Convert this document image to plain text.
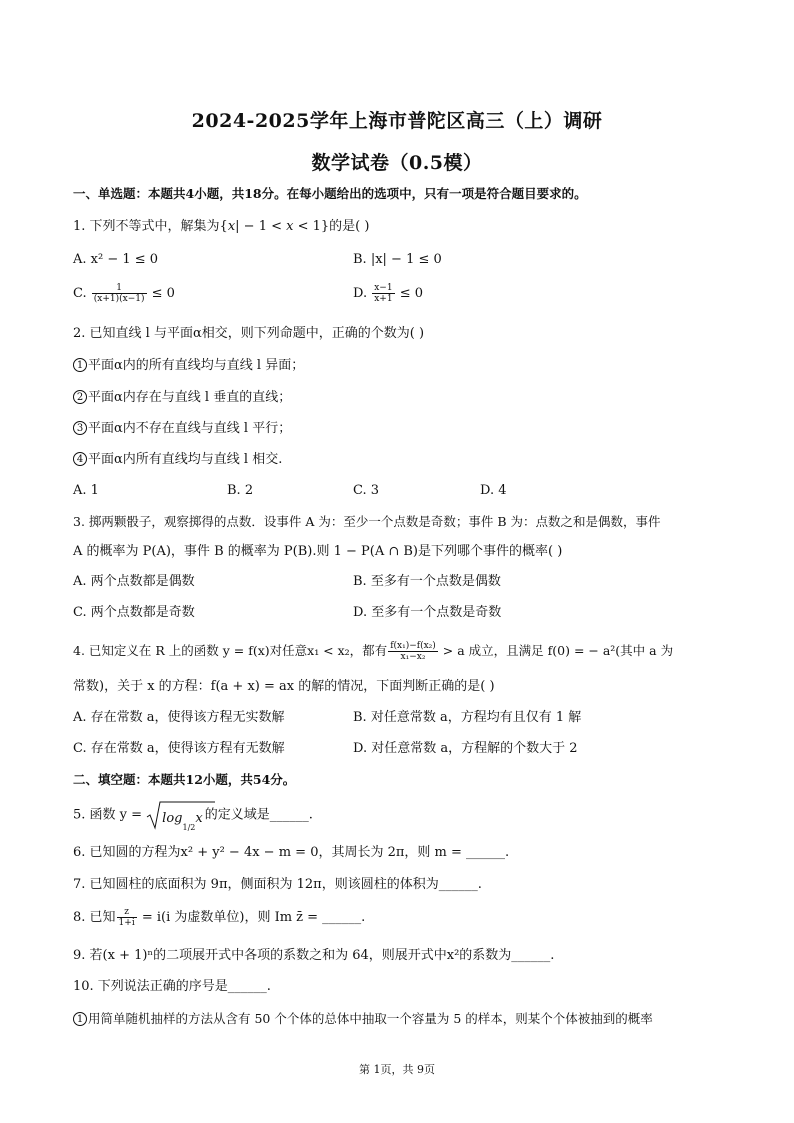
2024-2025学年上海市普陀区高三（上）调研
数学试卷（0.5模）
一、单选题：本题共4小题，共18分。在每小题给出的选项中，只有一项是符合题目要求的。
1. 下列不等式中，解集为{x| − 1 < x < 1}的是( )
A. x² − 1 ≤ 0	B. |x| − 1 ≤ 0
C. $\frac{1}{(x+1)(x-1)} \le 0$	D. $\frac{x-1}{x+1} \le 0$
2. 已知直线 l 与平面α相交，则下列命题中，正确的个数为( )
1 平面α内的所有直线均与直线 l 异面；
2 平面α内存在与直线 l 垂直的直线；
3 平面α内不存在直线与直线 l 平行；
4 平面α内所有直线均与直线 l 相交.
A. 1	B. 2	C. 3	D. 4
3. 掷两颗骰子，观察掷得的点数．设事件 A 为：至少一个点数是奇数；事件 B 为：点数之和是偶数，事件
A 的概率为 P(A)，事件 B 的概率为 P(B).则 1 − P(A ∩ B)是下列哪个事件的概率( )
A. 两个点数都是偶数	B. 至多有一个点数是偶数
C. 两个点数都是奇数	D. 至多有一个点数是奇数
4. 已知定义在 R 上的函数 y = f(x)对任意x₁ < x₂，都有 $\frac{\text{f(x₁)−f(x₂)}}{\text{x₁−x₂}} > a$ 成立，且满足 f(0) = − a²(其中 a 为
常数)，关于 x 的方程：f(a + x) = ax 的解的情况，下面判断正确的是( )
A. 存在常数 a，使得该方程无实数解	B. 对任意常数 a，方程均有且仅有 1 解
C. 存在常数 a，使得该方程有无数解	D. 对任意常数 a，方程解的个数大于 2
二、填空题：本题共12小题，共54分。
5. 函数 y =
log1/2x 的定义域是______.
6. 已知圆的方程为x² + y² − 4x − m = 0，其周长为 2π，则 m = ______.
7. 已知圆柱的底面积为 9π，侧面积为 12π，则该圆柱的体积为______.
8. 已知 $\frac{z}{1+i} = i(i$ 为虚数单位)，则 Im z̄ = ______.
9. 若(x + 1)ⁿ的二项展开式中各项的系数之和为 64，则展开式中x²的系数为______.
10. 下列说法正确的序号是______.
1 用简单随机抽样的方法从含有 50 个个体的总体中抽取一个容量为 5 的样本，则某个个体被抽到的概率
第 1页，共 9页
